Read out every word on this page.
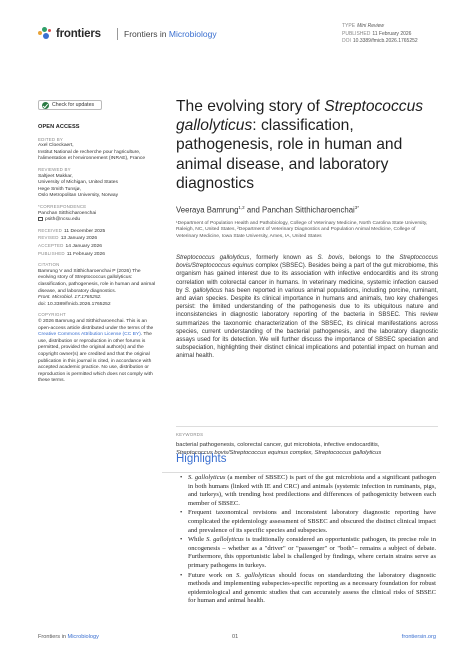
frontiers	Frontiers in Microbiology
TYPE Mini Review
PUBLISHED 11 February 2026
DOI 10.3389/fmicb.2026.1765252
Check for updates
OPEN ACCESS
EDITED BY
Axel Cloeckaert,
Institut National de recherche pour l'agriculture, l'alimentation et l'environnement (INRAE), France
REVIEWED BY
Saltjeet Makkar,
University of Michigan, United States
Hege Smith Tunsjø,
Oslo Metropolitan University, Norway
*CORRESPONDENCE
Panchan Sitthicharoenchai
psith@ncsu.edu
RECEIVED 11 December 2025
REVISED 13 January 2026
ACCEPTED 14 January 2026
PUBLISHED 11 February 2026
CITATION
Bamrung V and Sitthicharoenchai P (2026) The evolving story of Streptococcus gallolyticus: classification, pathogenesis, role in human and animal disease, and laboratory diagnostics.
Front. Microbiol. 17:1765252.
doi: 10.3389/fmicb.2026.1765252
COPYRIGHT
© 2026 Bamrung and Sitthicharoenchai. This is an open-access article distributed under the terms of the Creative Commons Attribution License (CC BY). The use, distribution or reproduction in other forums is permitted, provided the original author(s) and the copyright owner(s) are credited and that the original publication in this journal is cited, in accordance with accepted academic practice. No use, distribution or reproduction is permitted which does not comply with these terms.
The evolving story of Streptococcus gallolyticus: classification, pathogenesis, role in human and animal disease, and laboratory diagnostics
Veeraya Bamrung$^{1,2}$ and Panchan Sitthicharoenchai$^{3*}$
¹Department of Population Health and Pathobiology, College of Veterinary Medicine, North Carolina State University, Raleigh, NC, United States, ²Department of Veterinary Diagnostics and Population Animal Medicine, College of Veterinary Medicine, Iowa State University, Ames, IA, United States
Streptococcus gallolyticus, formerly known as S. bovis, belongs to the Streptococcus bovis/Streptococcus equinus complex (SBSEC). Besides being a part of the gut microbiome, this organism has gained interest due to its association with infective endocarditis and its strong correlation with colorectal cancer in humans. In veterinary medicine, systemic infection caused by S. gallolyticus has been reported in various animal populations, including porcine, ruminant, and avian species. Despite its clinical importance in humans and animals, two key challenges persist: the limited understanding of the pathogenesis due to its ubiquitous nature and inconsistencies in diagnostic laboratory reporting of the bacteria in SBSEC. This review summarizes the taxonomic characterization of the SBSEC, its clinical manifestations across species, current understanding of the bacterial pathogenesis, and the laboratory diagnostic assays used for its detection. We will further discuss the importance of SBSEC speciation and subspeciation, highlighting their distinct clinical implications and potential impact on human and animal health.
KEYWORDS
bacterial pathogenesis, colorectal cancer, gut microbiota, infective endocarditis,
Streptococcus bovis/Streptococcus equinus complex, Streptococcus gallolyticus
Highlights
• S. gallolyticus (a member of SBSEC) is part of the gut microbiota and a significant pathogen in both humans (linked with IE and CRC) and animals (systemic infection in ruminants, pigs, and turkeys), with trending host predilections and differences of pathogenicity between each member of SBSEC.
• Frequent taxonomical revisions and inconsistent laboratory diagnostic reporting have complicated the epidemiology assessment of SBSEC and obscured the distinct clinical impact and prevalence of its specific species and subspecies.
• While S. gallolyticus is traditionally considered an opportunistic pathogen, its precise role in oncogenesis – whether as a "driver" or "passenger" or "both"– remains a subject of debate. Furthermore, this opportunistic label is challenged by findings, where certain strains serve as primary pathogens in turkeys.
• Future work on S. gallolyticus should focus on standardizing the laboratory diagnostic methods and implementing subspecies-specific reporting as a necessary foundation for robust epidemiological and genomic studies that can accurately assess the clinical risks of SBSEC for human and animal health.
Frontiers in Microbiology	01	frontiersin.org
